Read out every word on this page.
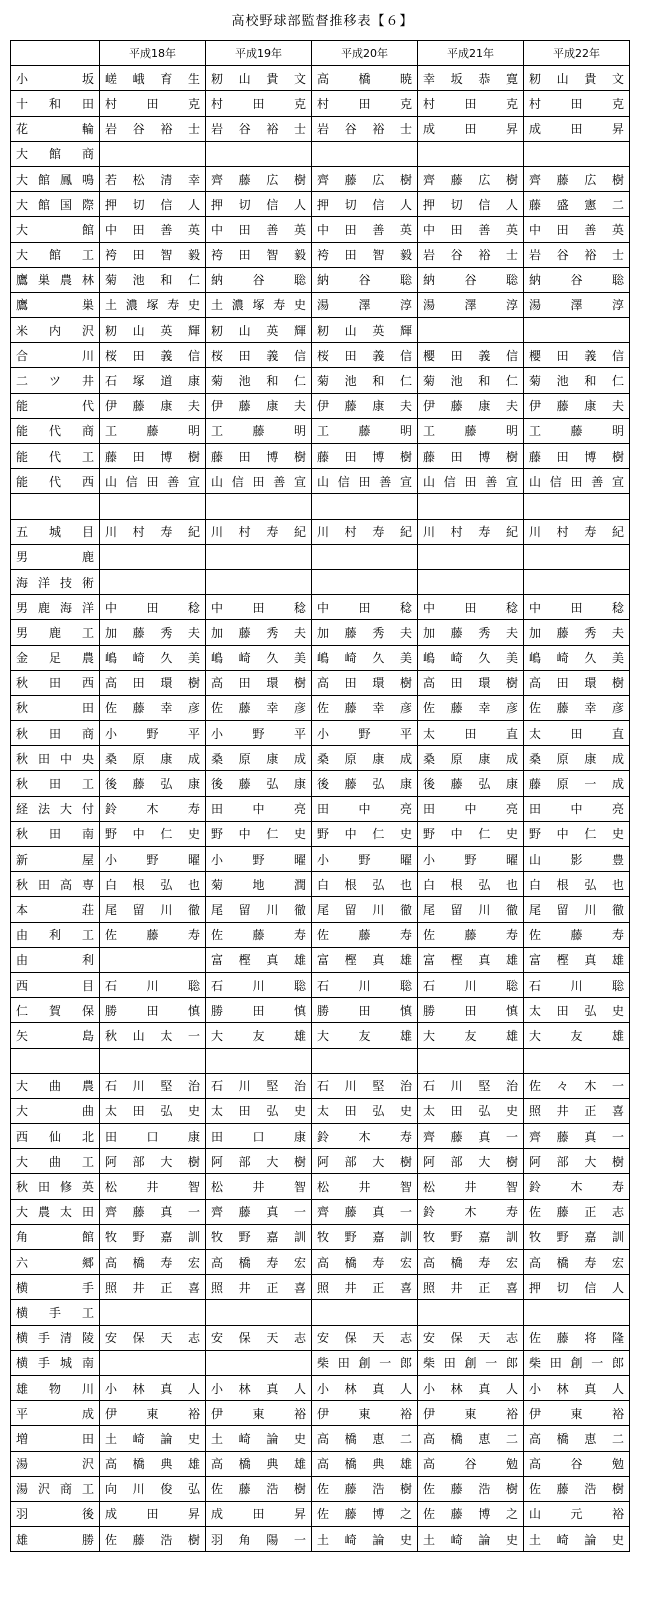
高校野球部監督推移表【６】
	平成18年	平成19年	平成20年	平成21年	平成22年
小坂	嵯峨育生	籾山貴文	高橋暁	幸坂恭寛	籾山貴文
十和田	村田克	村田克	村田克	村田克	村田克
花輪	岩谷裕士	岩谷裕士	岩谷裕士	成田昇	成田昇
大館商					
大館鳳鳴	若松清幸	齊藤広樹	齊藤広樹	齊藤広樹	齊藤広樹
大館国際	押切信人	押切信人	押切信人	押切信人	藤盛憲二
大館	中田善英	中田善英	中田善英	中田善英	中田善英
大館工	袴田智毅	袴田智毅	袴田智毅	岩谷裕士	岩谷裕士
鷹巣農林	菊池和仁	納谷聡	納谷聡	納谷聡	納谷聡
鷹巣	土濃塚寿史	土濃塚寿史	湯澤淳	湯澤淳	湯澤淳
米内沢	籾山英輝	籾山英輝	籾山英輝		
合川	桜田義信	桜田義信	桜田義信	櫻田義信	櫻田義信
二ツ井	石塚道康	菊池和仁	菊池和仁	菊池和仁	菊池和仁
能代	伊藤康夫	伊藤康夫	伊藤康夫	伊藤康夫	伊藤康夫
能代商	工藤明	工藤明	工藤明	工藤明	工藤明
能代工	藤田博樹	藤田博樹	藤田博樹	藤田博樹	藤田博樹
能代西	山信田善宣	山信田善宣	山信田善宣	山信田善宣	山信田善宣

五城目	川村寿紀	川村寿紀	川村寿紀	川村寿紀	川村寿紀
男鹿					
海洋技術					
男鹿海洋	中田稔	中田稔	中田稔	中田稔	中田稔
男鹿工	加藤秀夫	加藤秀夫	加藤秀夫	加藤秀夫	加藤秀夫
金足農	嶋崎久美	嶋崎久美	嶋崎久美	嶋崎久美	嶋崎久美
秋田西	高田環樹	高田環樹	高田環樹	高田環樹	高田環樹
秋田	佐藤幸彦	佐藤幸彦	佐藤幸彦	佐藤幸彦	佐藤幸彦
秋田商	小野平	小野平	小野平	太田直	太田直
秋田中央	桑原康成	桑原康成	桑原康成	桑原康成	桑原康成
秋田工	後藤弘康	後藤弘康	後藤弘康	後藤弘康	藤原一成
経法大付	鈴木寿	田中亮	田中亮	田中亮	田中亮
秋田南	野中仁史	野中仁史	野中仁史	野中仁史	野中仁史
新屋	小野曜	小野曜	小野曜	小野曜	山影豊
秋田高専	白根弘也	菊地潤	白根弘也	白根弘也	白根弘也
本荘	尾留川徹	尾留川徹	尾留川徹	尾留川徹	尾留川徹
由利工	佐藤寿	佐藤寿	佐藤寿	佐藤寿	佐藤寿
由利		富樫真雄	富樫真雄	富樫真雄	富樫真雄
西目	石川聡	石川聡	石川聡	石川聡	石川聡
仁賀保	勝田慎	勝田慎	勝田慎	勝田慎	太田弘史
矢島	秋山太一	大友雄	大友雄	大友雄	大友雄

大曲農	石川堅治	石川堅治	石川堅治	石川堅治	佐々木一
大曲	太田弘史	太田弘史	太田弘史	太田弘史	照井正喜
西仙北	田口康	田口康	鈴木寿	齊藤真一	齊藤真一
大曲工	阿部大樹	阿部大樹	阿部大樹	阿部大樹	阿部大樹
秋田修英	松井智	松井智	松井智	松井智	鈴木寿
大農太田	齊藤真一	齊藤真一	齊藤真一	鈴木寿	佐藤正志
角館	牧野嘉訓	牧野嘉訓	牧野嘉訓	牧野嘉訓	牧野嘉訓
六郷	高橋寿宏	高橋寿宏	高橋寿宏	高橋寿宏	高橋寿宏
横手	照井正喜	照井正喜	照井正喜	照井正喜	押切信人
横手工					
横手清陵	安保天志	安保天志	安保天志	安保天志	佐藤将隆
横手城南			柴田創一郎	柴田創一郎	柴田創一郎
雄物川	小林真人	小林真人	小林真人	小林真人	小林真人
平成	伊東裕	伊東裕	伊東裕	伊東裕	伊東裕
増田	土崎論史	土崎論史	高橋恵二	高橋恵二	高橋恵二
湯沢	高橋典雄	高橋典雄	高橋典雄	高谷勉	高谷勉
湯沢商工	向川俊弘	佐藤浩樹	佐藤浩樹	佐藤浩樹	佐藤浩樹
羽後	成田昇	成田昇	佐藤博之	佐藤博之	山元裕
雄勝	佐藤浩樹	羽角陽一	土崎論史	土崎論史	土崎論史
